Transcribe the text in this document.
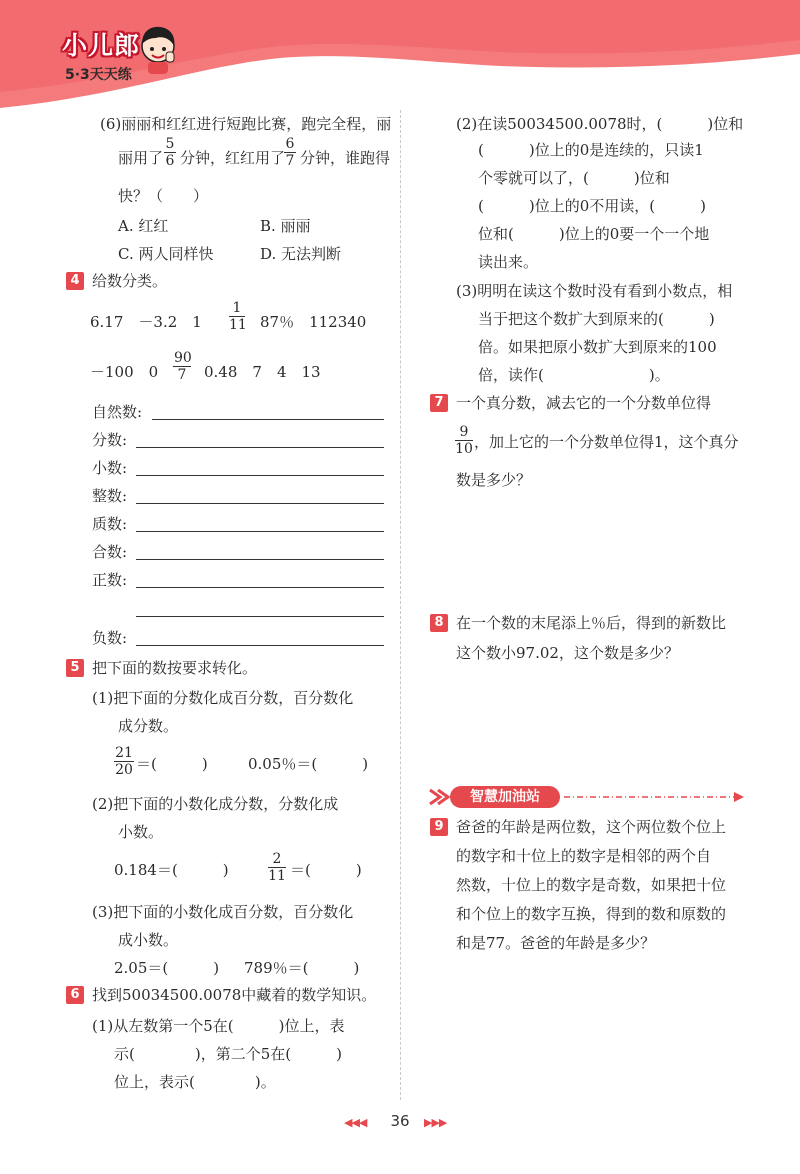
小儿郎
5·3天天练
(6)丽丽和红红进行短跑比赛，跑完全程，丽
丽用了 $\frac{5}{6}$ 分钟，红红用了
$\frac{6}{7}$ 分钟，谁跑得
快？（　　）
A. 红红	B. 丽丽
C. 两人同样快	D. 无法判断
4 给数分类。
6.17　－3.2　$1 \frac{1}{11} 87$％　112340
－100　$0 \frac{90}{7} 0.48$　7　4　13
自然数:
分数:
小数:
整数:
质数:
合数:
正数:
负数:
5 把下面的数按要求转化。
(1)把下面的分数化成百分数，百分数化
成分数。
$\frac{21}{20}$ ＝(　　　)	0.05％＝(　　　)
(2)把下面的小数化成分数，分数化成
小数。
0.184＝(　　　)	$\frac{2}{11}$ ＝(　　　)
(3)把下面的小数化成百分数，百分数化
成小数。
2.05＝(　　　) 789％＝(　　　)
6 找到50034500.0078中藏着的数学知识。
(1)从左数第一个5在(　　　)位上，表
示(　　　　)，第二个5在(　　　)
位上，表示(　　　　)。
(2)在读50034500.0078时，(　　　)位和
(　　　)位上的0是连续的，只读1
个零就可以了，(　　　)位和
(　　　)位上的0不用读，(　　　)
位和(　　　)位上的0要一个一个地
读出来。
(3)明明在读这个数时没有看到小数点，相
当于把这个数扩大到原来的(　　　)
倍。如果把原小数扩大到原来的100
倍，读作(　　　　　　　)。
7 一个真分数，减去它的一个分数单位得
$\frac{9}{10}$ ，加上它的一个分数单位得1，这个真分
数是多少？
8 在一个数的末尾添上％后，得到的新数比
这个数小97.02，这个数是多少？
智慧加油站
9 爸爸的年龄是两位数，这个两位数个位上
的数字和十位上的数字是相邻的两个自
然数，十位上的数字是奇数，如果把十位
和个位上的数字互换，得到的数和原数的
和是77。爸爸的年龄是多少？
◀◀◀	36	▶▶▶
